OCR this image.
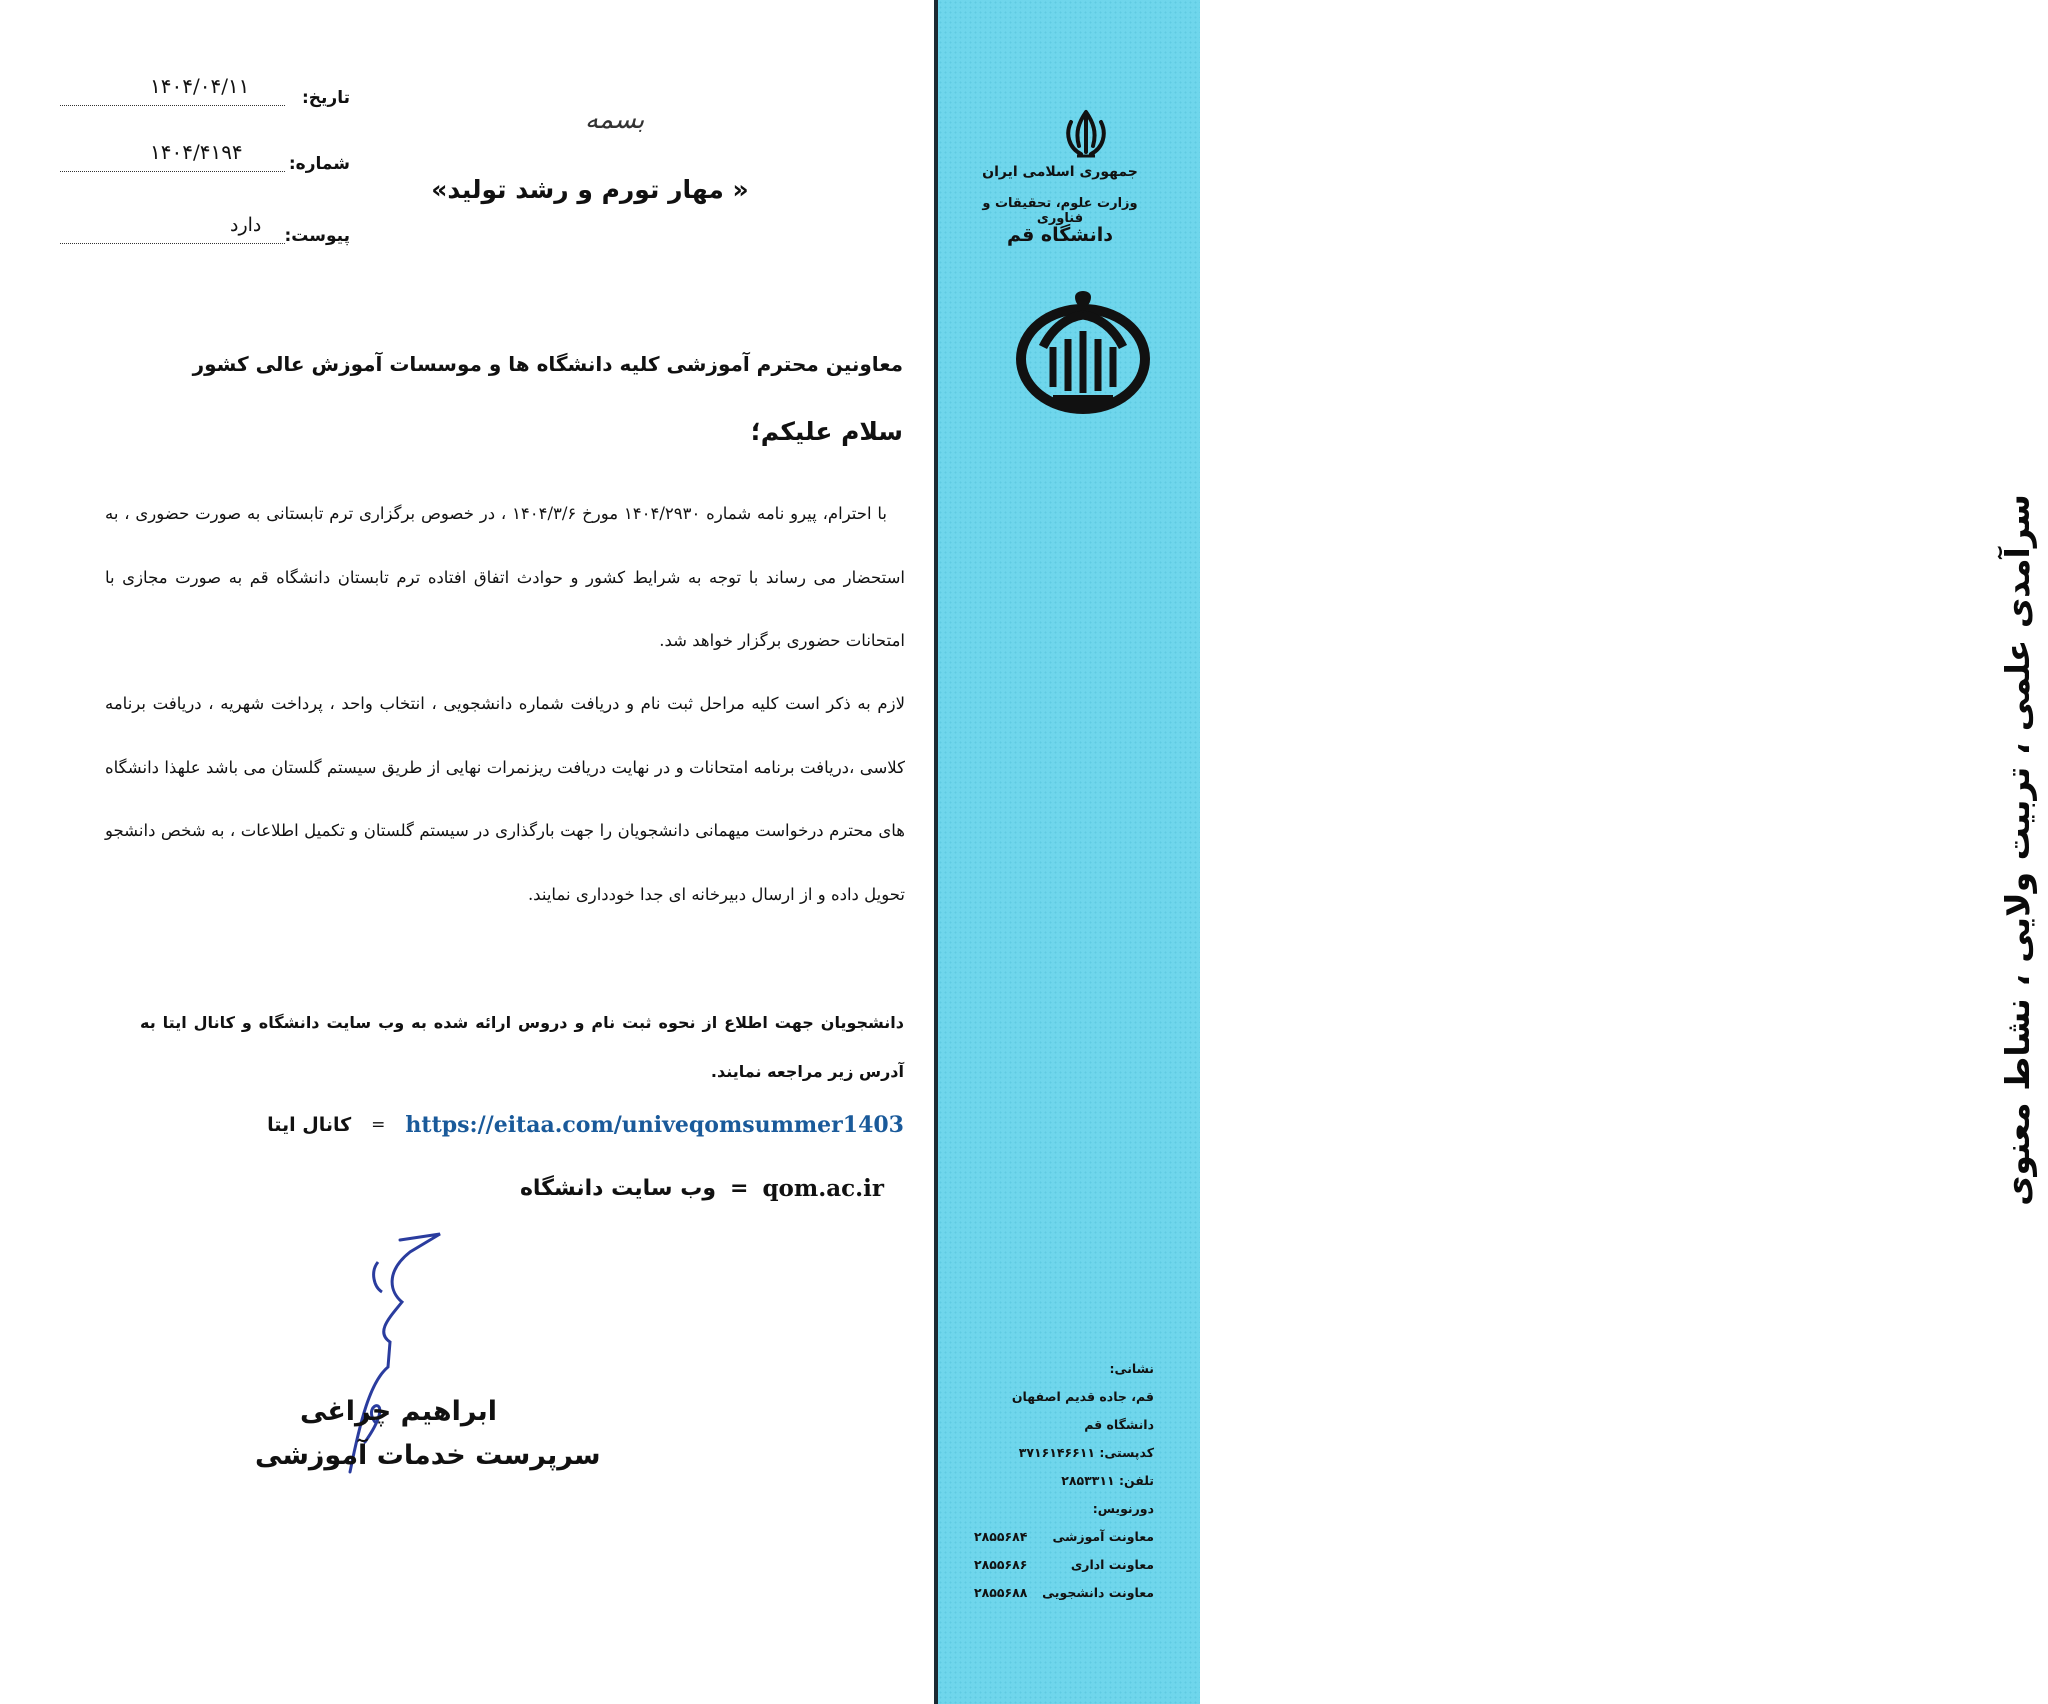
جمهوری اسلامی ایران
وزارت علوم، تحقیقات و فناوری
دانشگاه قم
سرآمدی علمی ، تربیت ولایی ، نشاط معنوی
نشانی:
قم، جاده قدیم اصفهان
دانشگاه قم
کدپستی: ۳۷۱۶۱۴۶۶۱۱
تلفن: ۲۸۵۳۳۱۱
دورنویس:
معاونت آموزشی
۲۸۵۵۶۸۴
معاونت اداری
۲۸۵۵۶۸۶
معاونت دانشجویی
۲۸۵۵۶۸۸
تاریخ:
۱۴۰۴/۰۴/۱۱
شماره:
۱۴۰۴/۴۱۹۴
پیوست:
دارد
بسمه
« مهار تورم و رشد تولید»
معاونین محترم آموزشی کلیه دانشگاه ها و موسسات آموزش عالی کشور
سلام علیکم؛
با احترام، پیرو نامه شماره ۱۴۰۴/۲۹۳۰ مورخ ۱۴۰۴/۳/۶ ، در خصوص برگزاری ترم تابستانی به صورت حضوری ، به استحضار می رساند با توجه به شرایط کشور و حوادث اتفاق افتاده ترم تابستان دانشگاه قم به صورت مجازی با امتحانات حضوری برگزار خواهد شد.
لازم به ذکر است کلیه مراحل ثبت نام و دریافت شماره دانشجویی ، انتخاب واحد ، پرداخت شهریه ، دریافت برنامه کلاسی ،دریافت برنامه امتحانات و در نهایت دریافت ریزنمرات نهایی از طریق سیستم گلستان می باشد علهذا دانشگاه های محترم درخواست میهمانی دانشجویان را جهت بارگذاری در سیستم گلستان و تکمیل اطلاعات ، به شخص دانشجو تحویل داده و از ارسال دبیرخانه ای جدا خودداری نمایند.
دانشجویان جهت اطلاع از نحوه ثبت نام و دروس ارائه شده به وب سایت دانشگاه و کانال ایتا به آدرس زیر مراجعه نمایند.
کانال ایتا = https://eitaa.com/univeqomsummer1403
وب سایت دانشگاه = qom.ac.ir
ابراهیم چراغی
سرپرست خدمات آموزشی
